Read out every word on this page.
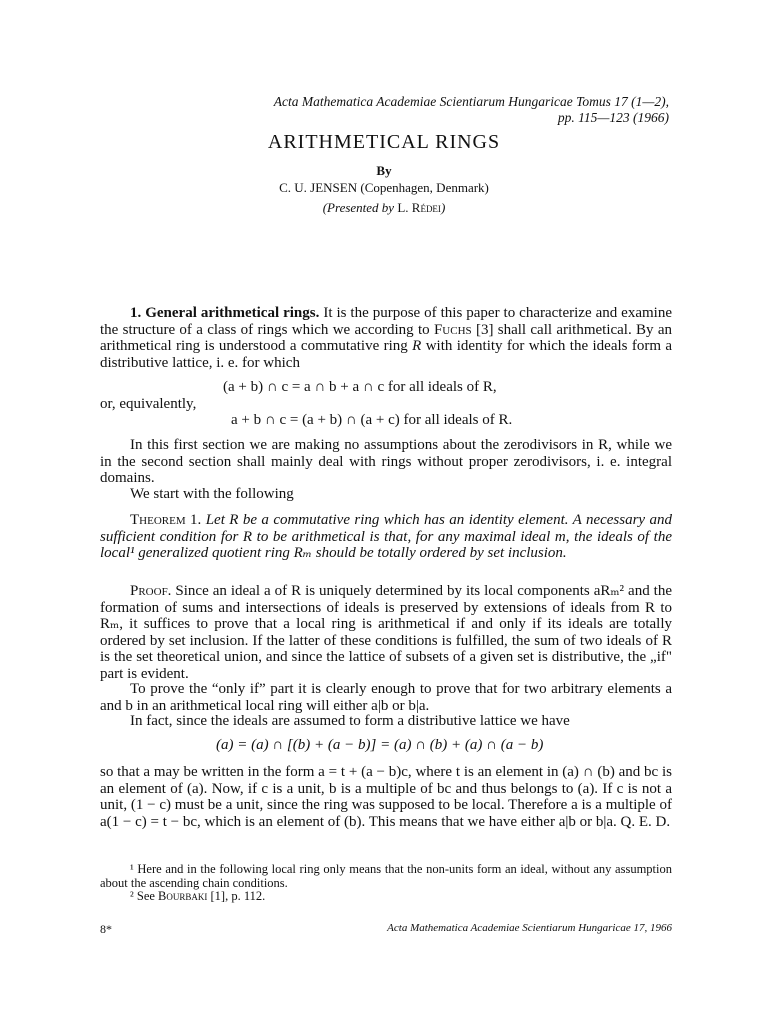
Acta Mathematica Academiae Scientiarum Hungaricae Tomus 17 (1—2),
pp. 115—123 (1966)
ARITHMETICAL RINGS
By
C. U. JENSEN (Copenhagen, Denmark)
(Presented by L. Rédei)
1. General arithmetical rings. It is the purpose of this paper to characterize and examine the structure of a class of rings which we according to Fuchs [3] shall call arithmetical. By an arithmetical ring is understood a commutative ring R with identity for which the ideals form a distributive lattice, i. e. for which
(a + b) ∩ c = a ∩ b + a ∩ c for all ideals of R,
or, equivalently,
a + b ∩ c = (a + b) ∩ (a + c) for all ideals of R.
In this first section we are making no assumptions about the zerodivisors in R, while we in the second section shall mainly deal with rings without proper zerodivisors, i. e. integral domains.
We start with the following
Theorem 1. Let R be a commutative ring which has an identity element. A necessary and sufficient condition for R to be arithmetical is that, for any maximal ideal m, the ideals of the local¹ generalized quotient ring Rₘ should be totally ordered by set inclusion.
Proof. Since an ideal a of R is uniquely determined by its local components aRₘ² and the formation of sums and intersections of ideals is preserved by extensions of ideals from R to Rₘ, it suffices to prove that a local ring is arithmetical if and only if its ideals are totally ordered by set inclusion. If the latter of these conditions is fulfilled, the sum of two ideals of R is the set theoretical union, and since the lattice of subsets of a given set is distributive, the „if" part is evident.
To prove the “only if” part it is clearly enough to prove that for two arbitrary elements a and b in an arithmetical local ring will either a|b or b|a.
In fact, since the ideals are assumed to form a distributive lattice we have
(a) = (a) ∩ [(b) + (a − b)] = (a) ∩ (b) + (a) ∩ (a − b)
so that a may be written in the form a = t + (a − b)c, where t is an element in (a) ∩ (b) and bc is an element of (a). Now, if c is a unit, b is a multiple of bc and thus belongs to (a). If c is not a unit, (1 − c) must be a unit, since the ring was supposed to be local. Therefore a is a multiple of a(1 − c) = t − bc, which is an element of (b). This means that we have either a|b or b|a. Q. E. D.
¹ Here and in the following local ring only means that the non-units form an ideal, without any assumption about the ascending chain conditions.
² See Bourbaki [1], p. 112.
8*	Acta Mathematica Academiae Scientiarum Hungaricae 17, 1966
